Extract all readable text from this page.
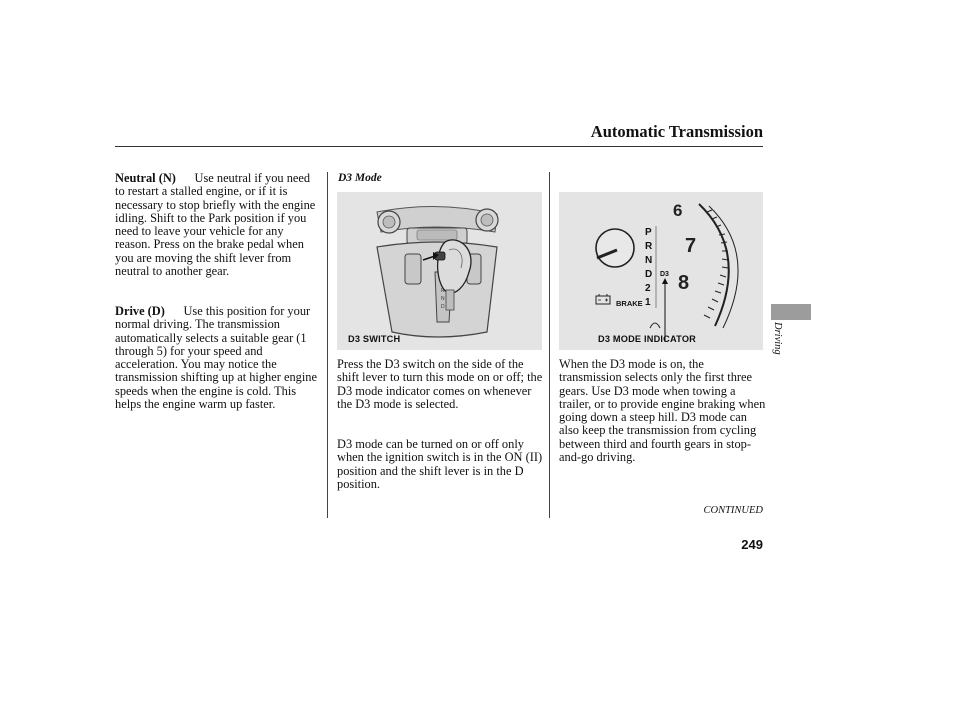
Automatic Transmission
Neutral (N) Use neutral if you need to restart a stalled engine, or if it is necessary to stop briefly with the engine idling. Shift to the Park position if you need to leave your vehicle for any reason. Press on the brake pedal when you are moving the shift lever from neutral to another gear.
Drive (D) Use this position for your normal driving. The transmission automatically selects a suitable gear (1 through 5) for your speed and acceleration. You may notice the transmission shifting up at higher engine speeds when the engine is cold. This helps the engine warm up faster.
D3 Mode
R
N
D
D3 SWITCH
Press the D3 switch on the side of the shift lever to turn this mode on or off; the D3 mode indicator comes on whenever the D3 mode is selected.
D3 mode can be turned on or off only when the ignition switch is in the ON (II) position and the shift lever is in the D position.
6
7
8
P
R
N
D
2
1
D3
BRAKE
D3 MODE INDICATOR
When the D3 mode is on, the transmission selects only the first three gears. Use D3 mode when towing a trailer, or to provide engine braking when going down a steep hill. D3 mode can also keep the transmission from cycling between third and fourth gears in stop-and-go driving.
CONTINUED
249
Driving
